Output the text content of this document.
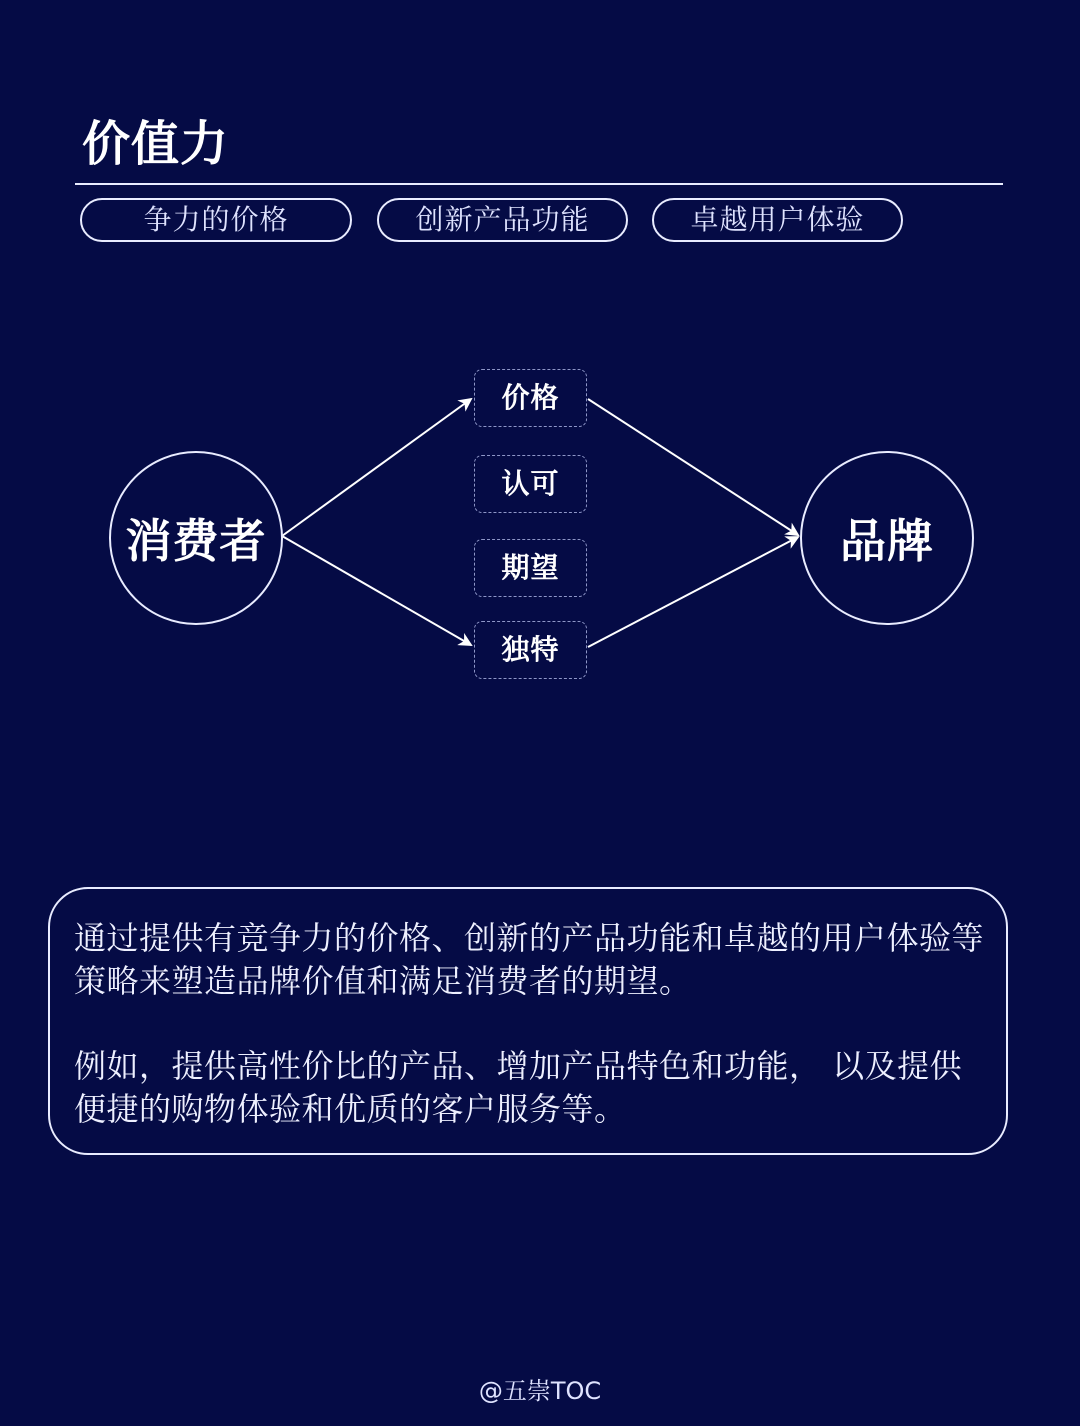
价值力
争力的价格	创新产品功能	卓越用户体验
消费者	品牌
价格
认可
期望
独特

通过提供有竞争力的价格、创新的产品功能和卓越的用户体验等策略来塑造品牌价值和满足消费者的期望。

例如，提供高性价比的产品、增加产品特色和功能， 以及提供便捷的购物体验和优质的客户服务等。

@五崇TOC
